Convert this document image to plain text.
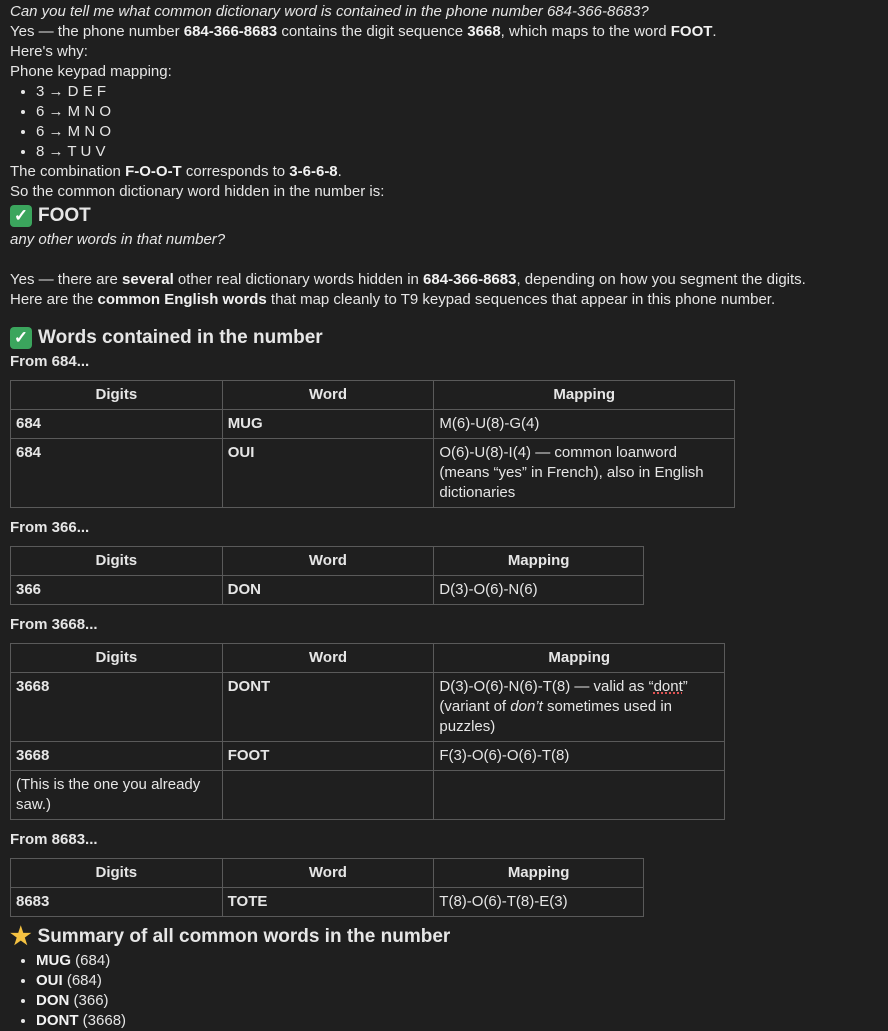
Can you tell me what common dictionary word is contained in the phone number 684-366-8683?

Yes — the phone number 684-366-8683 contains the digit sequence 3668, which maps to the word FOOT.

Here's why:

Phone keypad mapping:

• 3 → D E F
• 6 → M N O
• 6 → M N O
• 8 → T U V

The combination F-O-O-T corresponds to 3-6-6-8.

So the common dictionary word hidden in the number is:

✓ FOOT

any other words in that number?

Yes — there are several other real dictionary words hidden in 684-366-8683, depending on how you segment the digits.

Here are the common English words that map cleanly to T9 keypad sequences that appear in this phone number.

✓ Words contained in the number

From 684...

Digits	Word	Mapping
684	MUG	M(6)-U(8)-G(4)
684	OUI	O(6)-U(8)-I(4) — common loanword (means “yes” in French), also in English dictionaries

From 366...

Digits	Word	Mapping
366	DON	D(3)-O(6)-N(6)

From 3668...

Digits	Word	Mapping
3668	DONT	D(3)-O(6)-N(6)-T(8) — valid as “dont” (variant of don’t sometimes used in puzzles)
3668	FOOT	F(3)-O(6)-O(6)-T(8)
(This is the one you already saw.)		

From 8683...

Digits	Word	Mapping
8683	TOTE	T(8)-O(6)-T(8)-E(3)
★ Summary of all common words in the number
• MUG (684)
• OUI (684)
• DON (366)
• DONT (3668)
